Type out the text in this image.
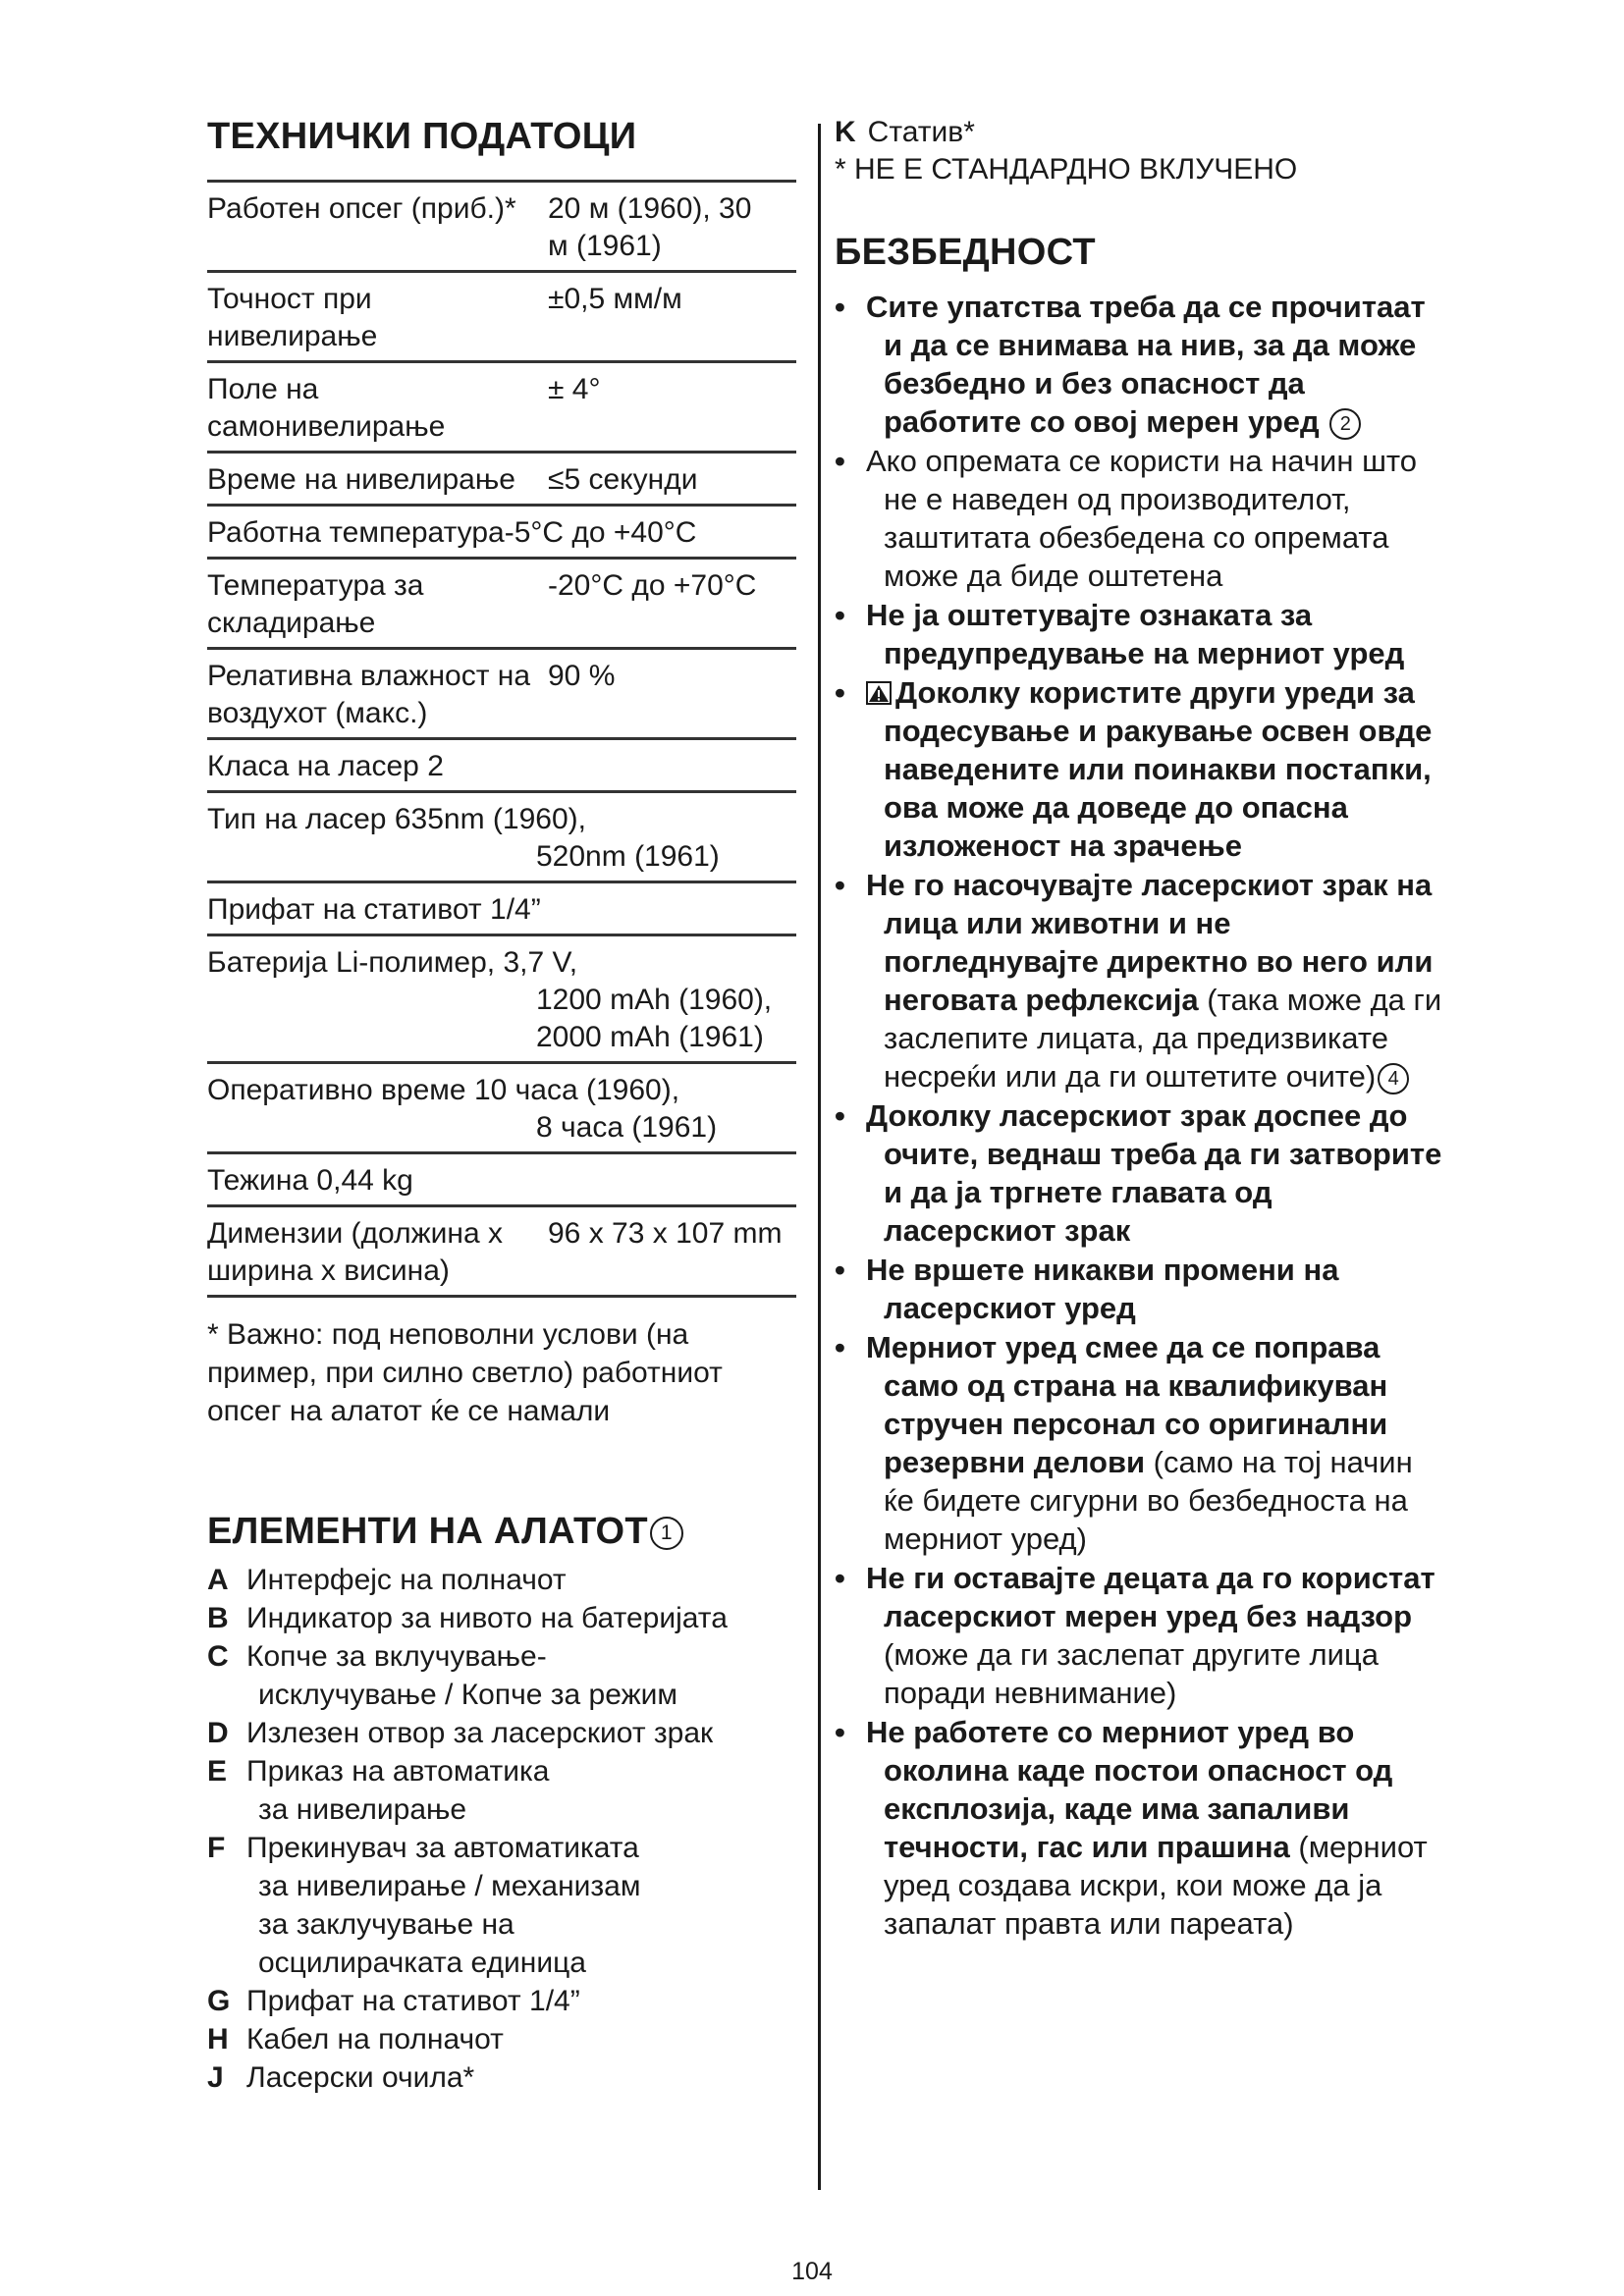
ТЕХНИЧКИ ПОДАТОЦИ
Работен опсег (приб.)*	20 м (1960), 30 м (1961)
Точност при нивелирање	±0,5 мм/м
Поле на самонивелирање	± 4°
Време на нивелирање	≤5 секунди
Работна температура-5°C до +40°C	
Температура за складирање	-20°C до +70°C
Релативна влажност на воздухот (макс.)	90 %
Класа на ласер 2	
Тип на ласер 635nm (1960),
520nm (1961)	

Прифат на стативот 1/4”	
Батерија Li-полимер, 3,7 V,
1200 mAh (1960),
2000 mAh (1961)	

Оперативно време 10 часа (1960),
8 часа (1961)	

Тежина 0,44 kg	
Димензии (должина x ширина x висина)	96 x 73 x 107 mm

* Важно: под неповолни услови (на пример, при силно светло) работниот опсег на алатот ќе се намали

ЕЛЕМЕНТИ НА АЛАТОТ 1
A Интерфејс на полначот
B Индикатор за нивото на батеријата
C Копче за вклучување-
исклучување / Копче за режим
D Излезен отвор за ласерскиот зрак
E Приказ на автоматика
за нивелирање
F Прекинувач за автоматиката
за нивелирање / механизам
за заклучување на
осцилирачката единица
G Прифат на стативот 1/4”
H Кабел на полначот
J Ласерски очила*
K Статив*
* НЕ Е СТАНДАРДНО ВКЛУЧЕНО
БЕЗБЕДНОСТ
• Сите упатства треба да се прочитаат и да се внимава на нив, за да може безбедно и без опасност да работите со овој мерен уред 2
• Ако опремата се користи на начин што не е наведен од производителот, заштитата обезбедена со опремата може да биде оштетена
• Не ја оштетувајте ознаката за предупредување на мерниот уред
• Доколку користите други уреди за подесување и ракување освен овде наведените или поинакви постапки, ова може да доведе до опасна изложеност на зрачење
• Не го насочувајте ласерскиот зрак на лица или животни и не погледнувајте директно во него или неговата рефлексија (така може да ги заслепите лицата, да предизвикате несреќи или да ги оштетите очите) 4
• Доколку ласерскиот зрак доспее до очите, веднаш треба да ги затворите и да ја тргнете главата од ласерскиот зрак
• Не вршете никакви промени на ласерскиот уред
• Мерниот уред смее да се поправа само од страна на квалификуван стручен персонал со оригинални резервни делови (само на тој начин ќе бидете сигурни во безбедноста на мерниот уред)
• Не ги оставајте децата да го користат ласерскиот мерен уред без надзор (може да ги заслепат другите лица поради невнимание)
• Не работете со мерниот уред во околина каде постои опасност од експлозија, каде има запаливи течности, гас или прашина (мерниот уред создава искри, кои може да ја запалат правта или пареата)
104
